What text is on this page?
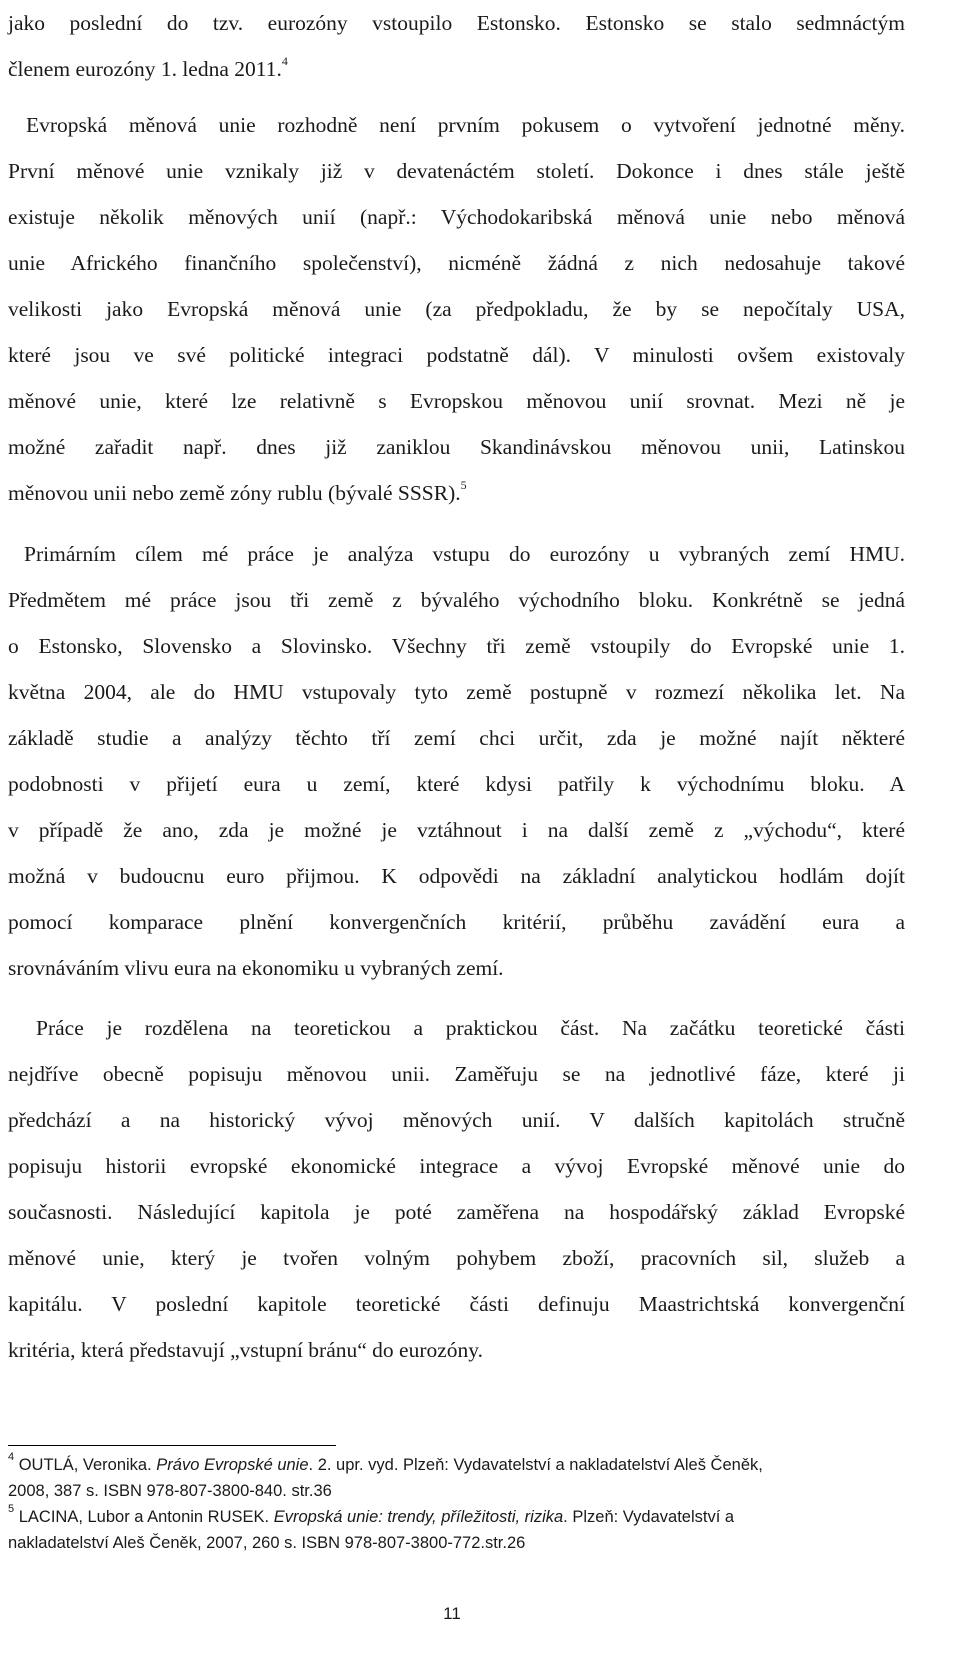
jako poslední do tzv. eurozóny vstoupilo Estonsko. Estonsko se stalo sedmnáctým
členem eurozóny 1. ledna 2011.$^4$
Evropská měnová unie rozhodně není prvním pokusem o vytvoření jednotné měny.
První měnové unie vznikaly již v devatenáctém století. Dokonce i dnes stále ještě
existuje několik měnových unií (např.: Východokaribská měnová unie nebo měnová
unie Afrického finančního společenství), nicméně žádná z nich nedosahuje takové
velikosti jako Evropská měnová unie (za předpokladu, že by se nepočítaly USA,
které jsou ve své politické integraci podstatně dál). V minulosti ovšem existovaly
měnové unie, které lze relativně s Evropskou měnovou unií srovnat. Mezi ně je
možné zařadit např. dnes již zaniklou Skandinávskou měnovou unii, Latinskou
měnovou unii nebo země zóny rublu (bývalé SSSR).$^5$
Primárním cílem mé práce je analýza vstupu do eurozóny u vybraných zemí HMU.
Předmětem mé práce jsou tři země z bývalého východního bloku. Konkrétně se jedná
o Estonsko, Slovensko a Slovinsko. Všechny tři země vstoupily do Evropské unie 1.
května 2004, ale do HMU vstupovaly tyto země postupně v rozmezí několika let. Na
základě studie a analýzy těchto tří zemí chci určit, zda je možné najít některé
podobnosti v přijetí eura u zemí, které kdysi patřily k východnímu bloku. A
v případě že ano, zda je možné je vztáhnout i na další země z „východu“, které
možná v budoucnu euro přijmou. K odpovědi na základní analytickou hodlám dojít
pomocí komparace plnění konvergenčních kritérií, průběhu zavádění eura a
srovnáváním vlivu eura na ekonomiku u vybraných zemí.
Práce je rozdělena na teoretickou a praktickou část. Na začátku teoretické části
nejdříve obecně popisuju měnovou unii. Zaměřuju se na jednotlivé fáze, které ji
předchází a na historický vývoj měnových unií. V dalších kapitolách stručně
popisuju historii evropské ekonomické integrace a vývoj Evropské měnové unie do
současnosti. Následující kapitola je poté zaměřena na hospodářský základ Evropské
měnové unie, který je tvořen volným pohybem zboží, pracovních sil, služeb a
kapitálu. V poslední kapitole teoretické části definuju Maastrichtská konvergenční
kritéria, která představují „vstupní bránu“ do eurozóny.
$^4$ OUTLÁ, Veronika. Právo Evropské unie. 2. upr. vyd. Plzeň: Vydavatelství a nakladatelství Aleš Čeněk,
2008, 387 s. ISBN 978-807-3800-840. str.36
$^5$ LACINA, Lubor a Antonin RUSEK. Evropská unie: trendy, příležitosti, rizika. Plzeň: Vydavatelství a
nakladatelství Aleš Čeněk, 2007, 260 s. ISBN 978-807-3800-772.str.26
11
